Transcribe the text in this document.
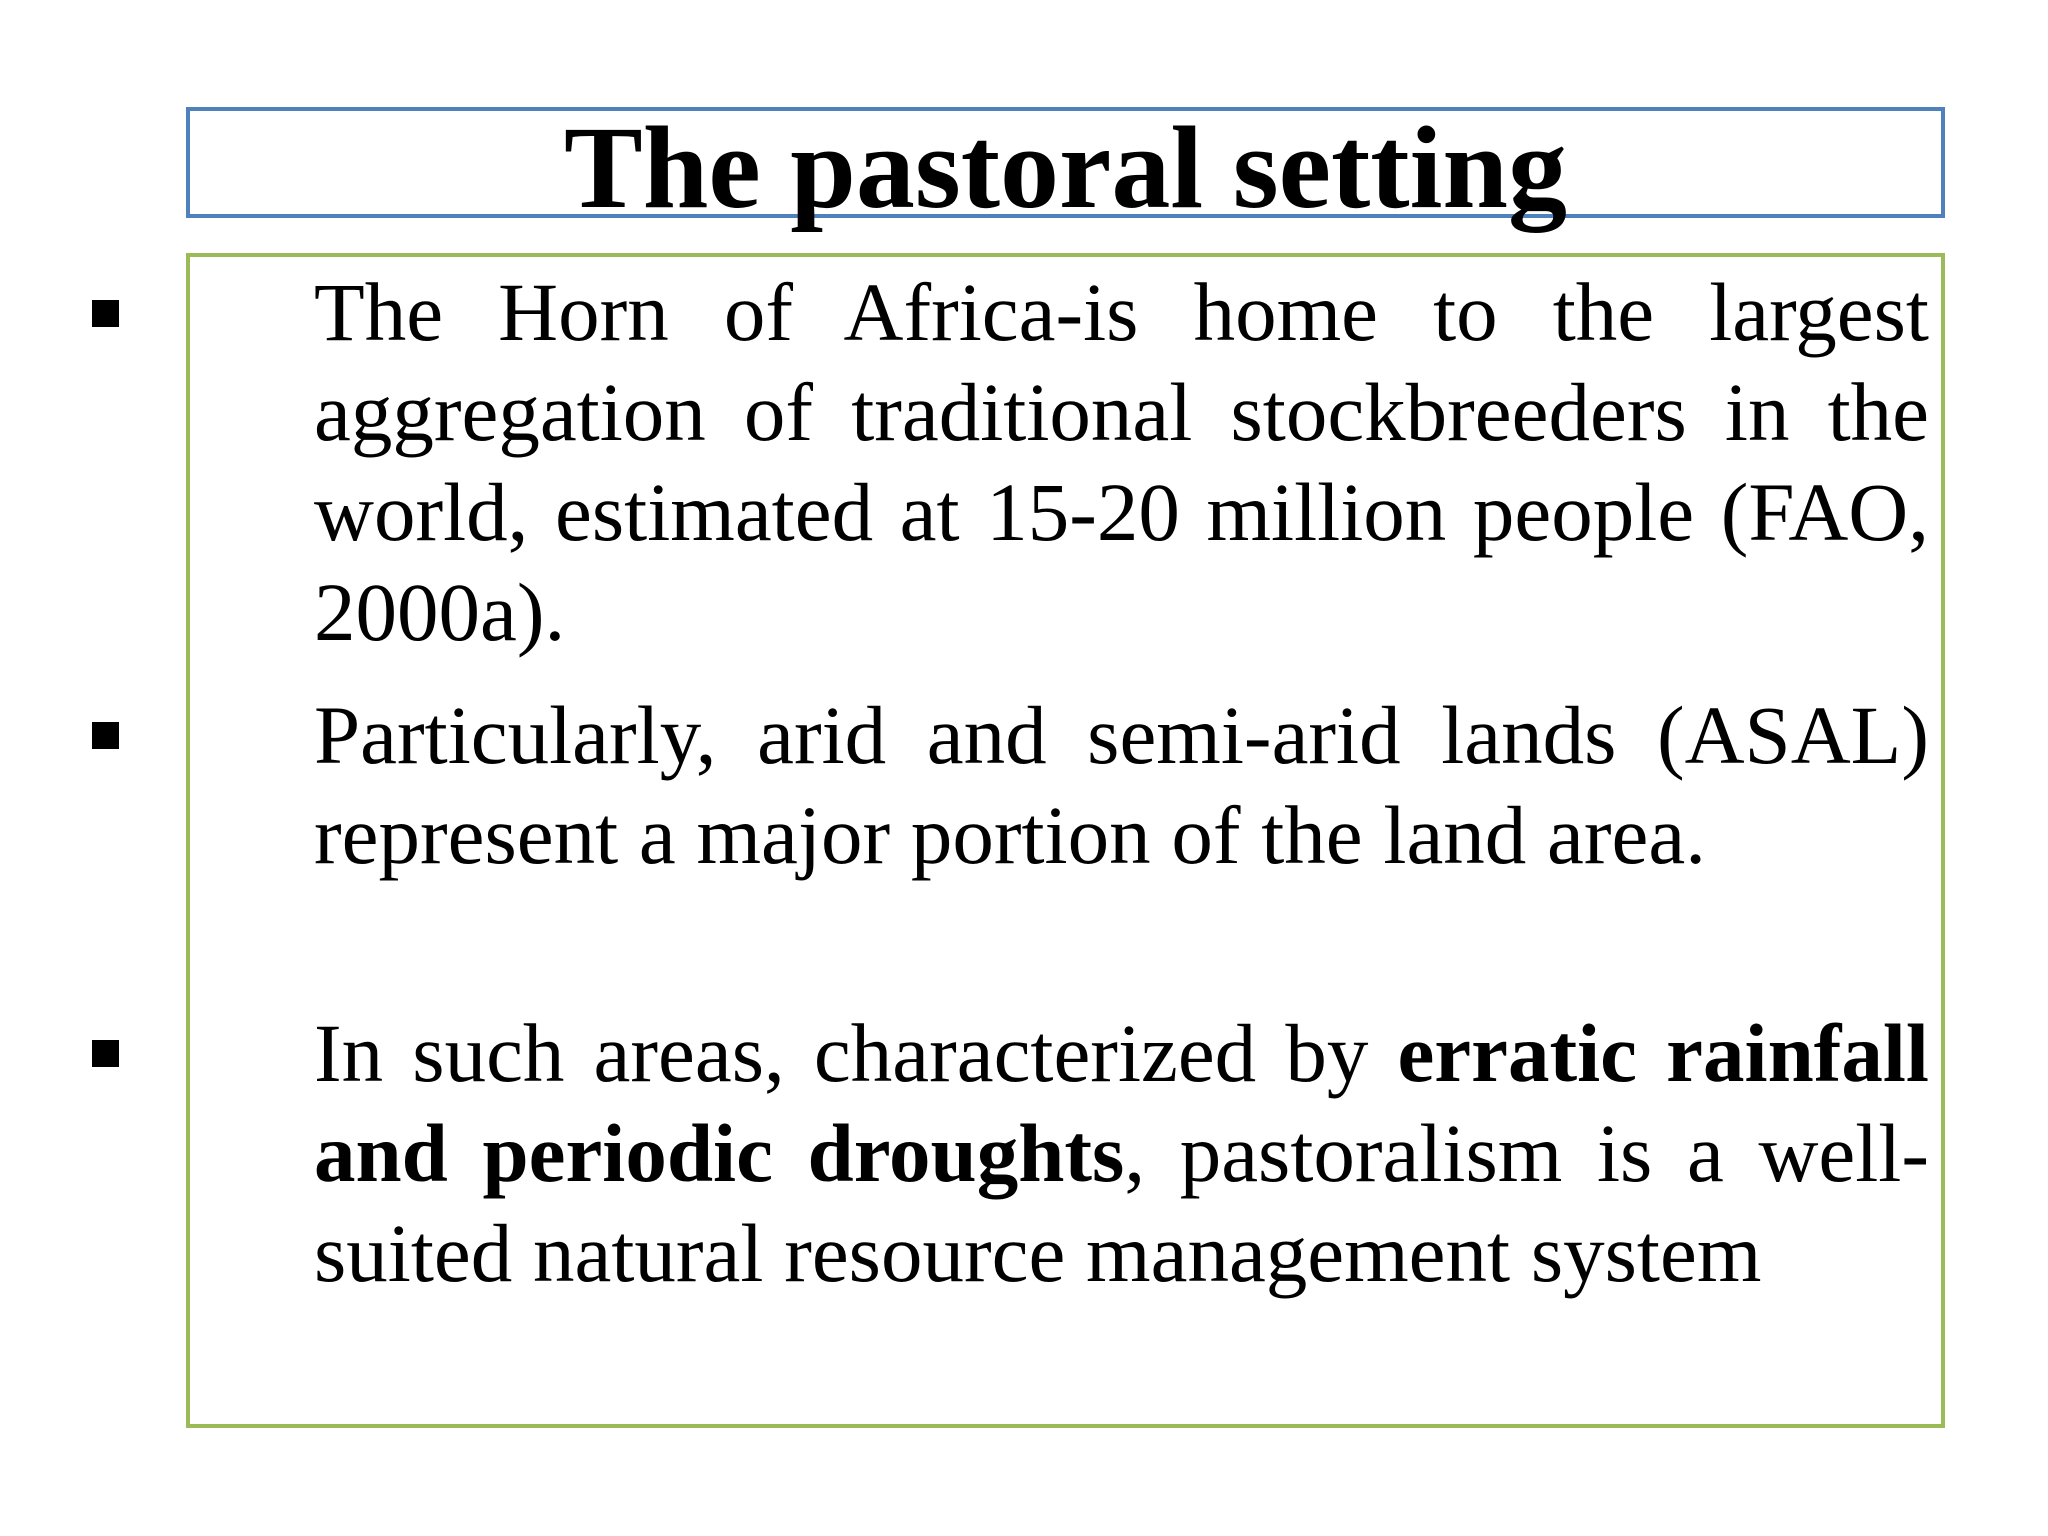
The pastoral setting
The Horn of Africa-is home to the largest aggregation of traditional stockbreeders in the world, estimated at 15-20 million people (FAO, 2000a).
Particularly, arid and semi-arid lands (ASAL) represent a major portion of the land area.
In such areas, characterized by erratic rainfall and periodic droughts, pastoralism is a well-suited natural resource management system
